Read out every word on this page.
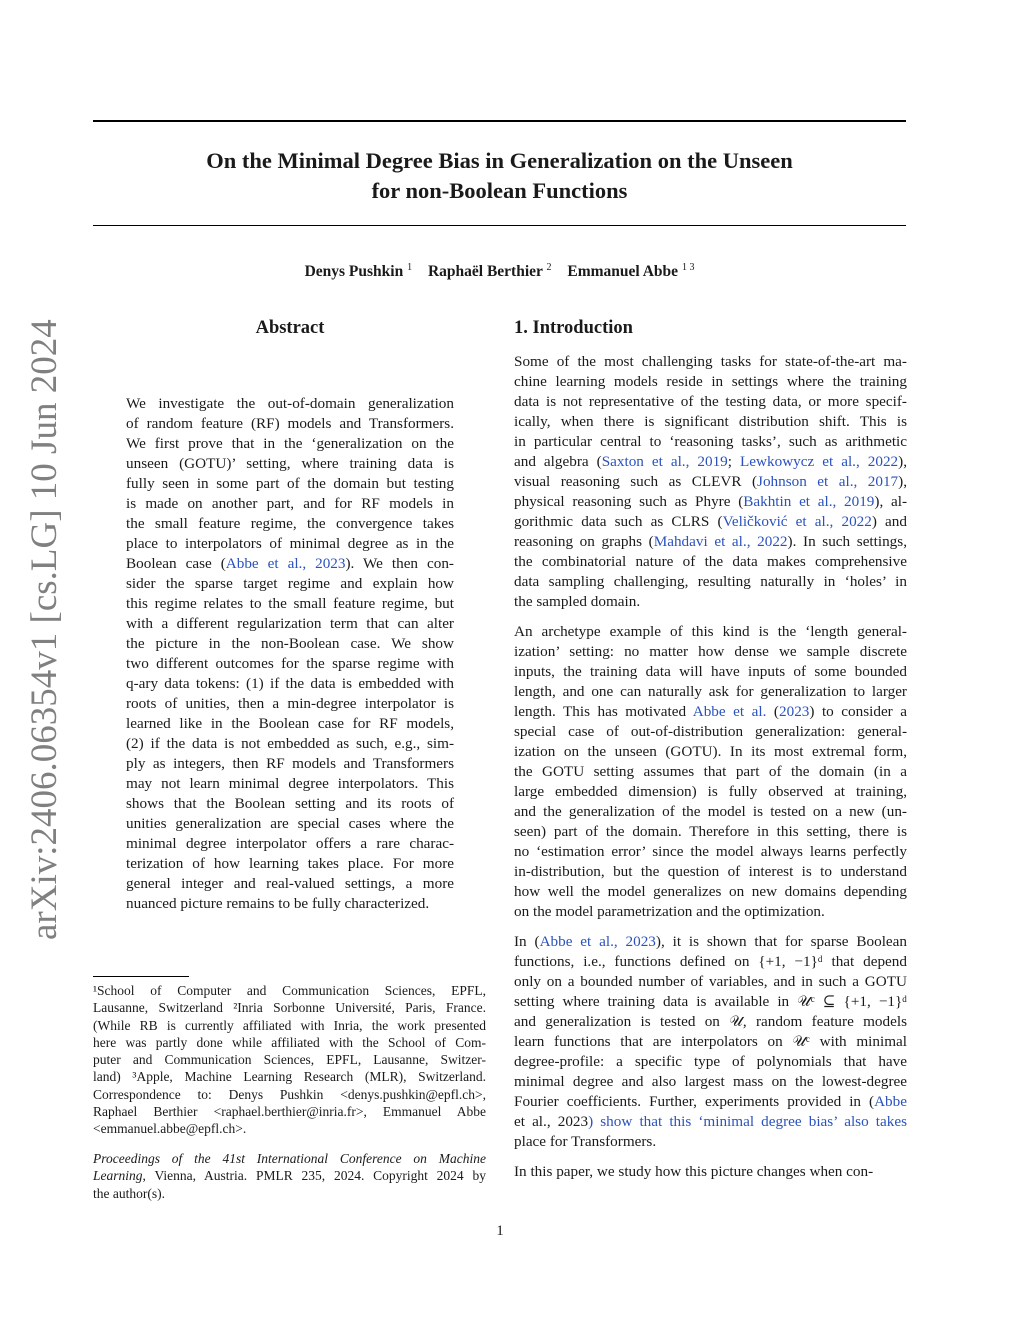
arXiv:2406.06354v1 [cs.LG] 10 Jun 2024
On the Minimal Degree Bias in Generalization on the Unseen
for non-Boolean Functions
Denys Pushkin $^1$ Raphaël Berthier $^2$ Emmanuel Abbe $^{1 3}$
Abstract	1. Introduction
We investigate the out-of-domain generalization
of random feature (RF) models and Transformers.
We first prove that in the ‘generalization on the
unseen (GOTU)’ setting, where training data is
fully seen in some part of the domain but testing
is made on another part, and for RF models in
the small feature regime, the convergence takes
place to interpolators of minimal degree as in the
Boolean case (Abbe et al., 2023). We then con-
sider the sparse target regime and explain how
this regime relates to the small feature regime, but
with a different regularization term that can alter
the picture in the non-Boolean case. We show
two different outcomes for the sparse regime with
q-ary data tokens: (1) if the data is embedded with
roots of unities, then a min-degree interpolator is
learned like in the Boolean case for RF models,
(2) if the data is not embedded as such, e.g., sim-
ply as integers, then RF models and Transformers
may not learn minimal degree interpolators. This
shows that the Boolean setting and its roots of
unities generalization are special cases where the
minimal degree interpolator offers a rare charac-
terization of how learning takes place. For more
general integer and real-valued settings, a more
nuanced picture remains to be fully characterized.
Some of the most challenging tasks for state-of-the-art ma-
chine learning models reside in settings where the training
data is not representative of the testing data, or more specif-
ically, when there is significant distribution shift. This is
in particular central to ‘reasoning tasks’, such as arithmetic
and algebra (Saxton et al., 2019; Lewkowycz et al., 2022),
visual reasoning such as CLEVR (Johnson et al., 2017),
physical reasoning such as Phyre (Bakhtin et al., 2019), al-
gorithmic data such as CLRS (Veličković et al., 2022) and
reasoning on graphs (Mahdavi et al., 2022). In such settings,
the combinatorial nature of the data makes comprehensive
data sampling challenging, resulting naturally in ‘holes’ in
the sampled domain.
An archetype example of this kind is the ‘length general-
ization’ setting: no matter how dense we sample discrete
inputs, the training data will have inputs of some bounded
length, and one can naturally ask for generalization to larger
length. This has motivated Abbe et al. (2023) to consider a
special case of out-of-distribution generalization: general-
ization on the unseen (GOTU). In its most extremal form,
the GOTU setting assumes that part of the domain (in a
large embedded dimension) is fully observed at training,
and the generalization of the model is tested on a new (un-
seen) part of the domain. Therefore in this setting, there is
no ‘estimation error’ since the model always learns perfectly
in-distribution, but the question of interest is to understand
how well the model generalizes on new domains depending
on the model parametrization and the optimization.
In (Abbe et al., 2023), it is shown that for sparse Boolean
functions, i.e., functions defined on {+1, −1}ᵈ that depend
only on a bounded number of variables, and in such a GOTU
setting where training data is available in 𝒰ᶜ ⊆ {+1, −1}ᵈ
and generalization is tested on 𝒰, random feature models
learn functions that are interpolators on 𝒰ᶜ with minimal
degree-profile: a specific type of polynomials that have
minimal degree and also largest mass on the lowest-degree
Fourier coefficients. Further, experiments provided in (Abbe
et al., 2023) show that this ‘minimal degree bias’ also takes
place for Transformers.
In this paper, we study how this picture changes when con-
¹School of Computer and Communication Sciences, EPFL,
Lausanne, Switzerland ²Inria Sorbonne Université, Paris, France.
(While RB is currently affiliated with Inria, the work presented
here was partly done while affiliated with the School of Com-
puter and Communication Sciences, EPFL, Lausanne, Switzer-
land) ³Apple, Machine Learning Research (MLR), Switzerland.
Correspondence to: Denys Pushkin <denys.pushkin@epfl.ch>,
Raphael Berthier <raphael.berthier@inria.fr>, Emmanuel Abbe
<emmanuel.abbe@epfl.ch>.
Proceedings of the 41st International Conference on Machine
Learning, Vienna, Austria. PMLR 235, 2024. Copyright 2024 by
the author(s).
1
